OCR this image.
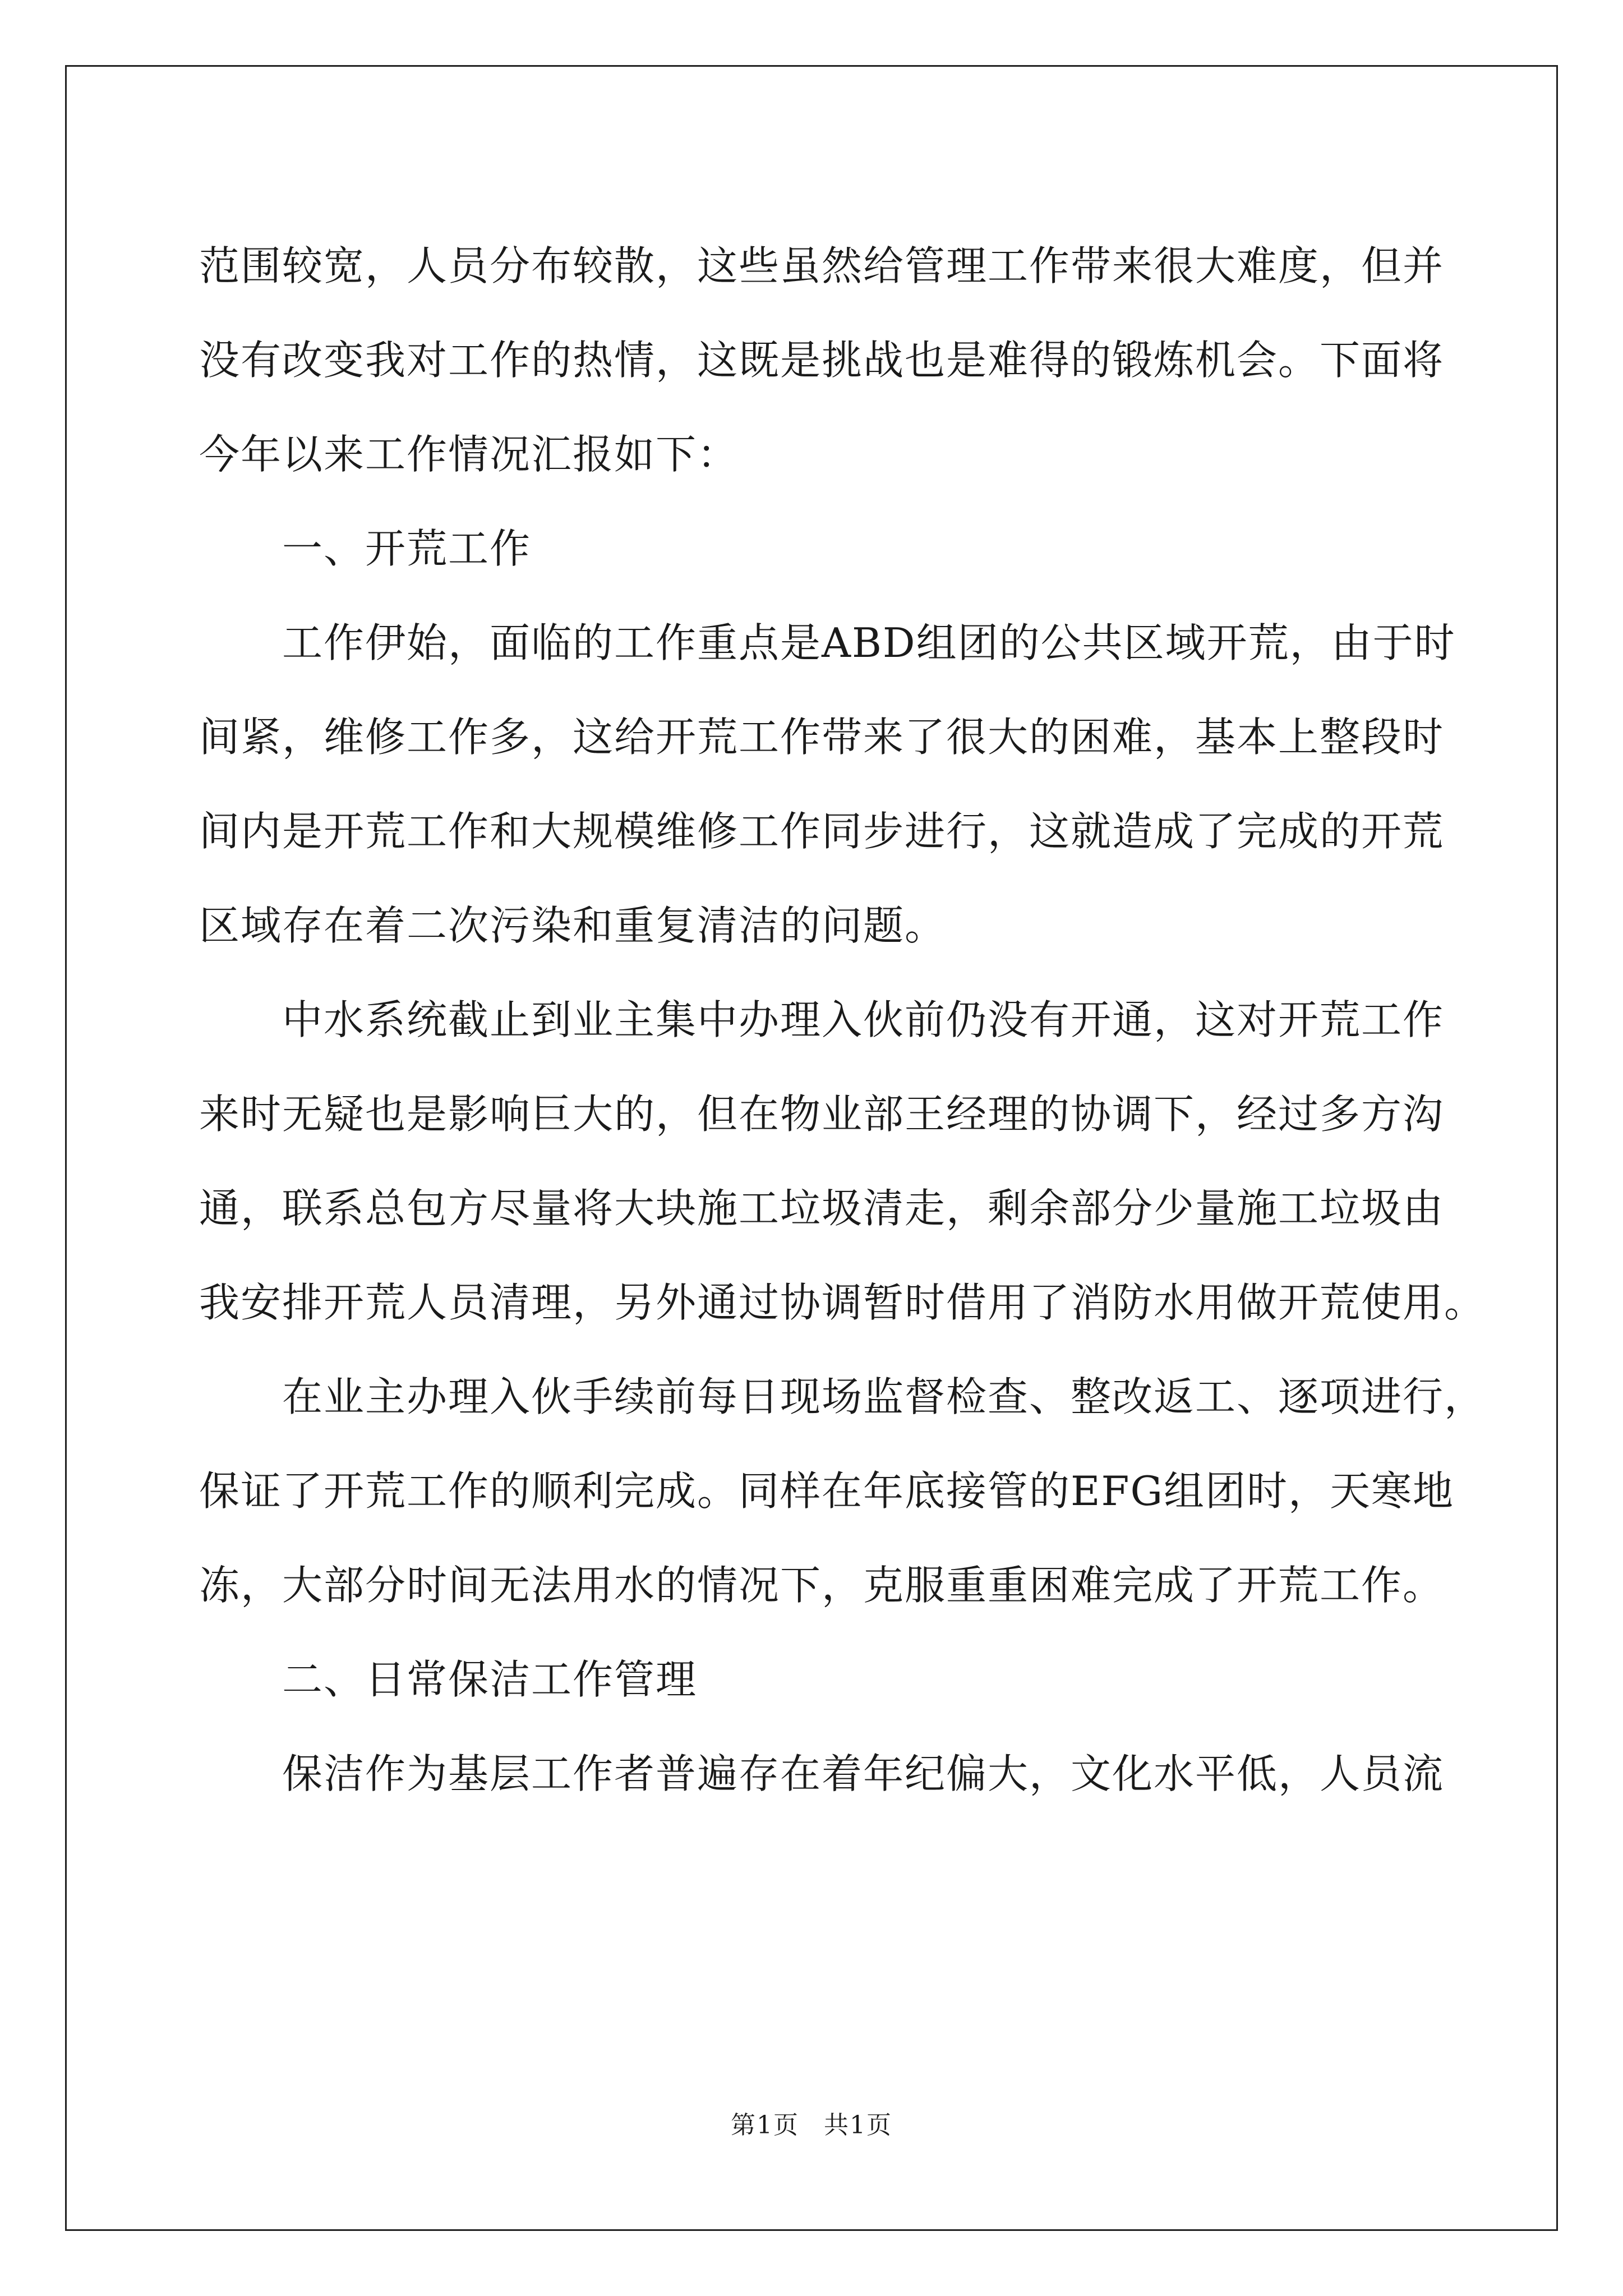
范围较宽，人员分布较散，这些虽然给管理工作带来很大难度，但并
没有改变我对工作的热情，这既是挑战也是难得的锻炼机会。下面将
今年以来工作情况汇报如下：

一、开荒工作

工作伊始，面临的工作重点是ABD组团的公共区域开荒，由于时
间紧，维修工作多，这给开荒工作带来了很大的困难，基本上整段时
间内是开荒工作和大规模维修工作同步进行，这就造成了完成的开荒
区域存在着二次污染和重复清洁的问题。

中水系统截止到业主集中办理入伙前仍没有开通，这对开荒工作
来时无疑也是影响巨大的，但在物业部王经理的协调下，经过多方沟
通，联系总包方尽量将大块施工垃圾清走，剩余部分少量施工垃圾由
我安排开荒人员清理，另外通过协调暂时借用了消防水用做开荒使用。

在业主办理入伙手续前每日现场监督检查、整改返工、逐项进行，
保证了开荒工作的顺利完成。同样在年底接管的EFG组团时，天寒地
冻，大部分时间无法用水的情况下，克服重重困难完成了开荒工作。

二、日常保洁工作管理

保洁作为基层工作者普遍存在着年纪偏大，文化水平低，人员流

第1页 共1页
